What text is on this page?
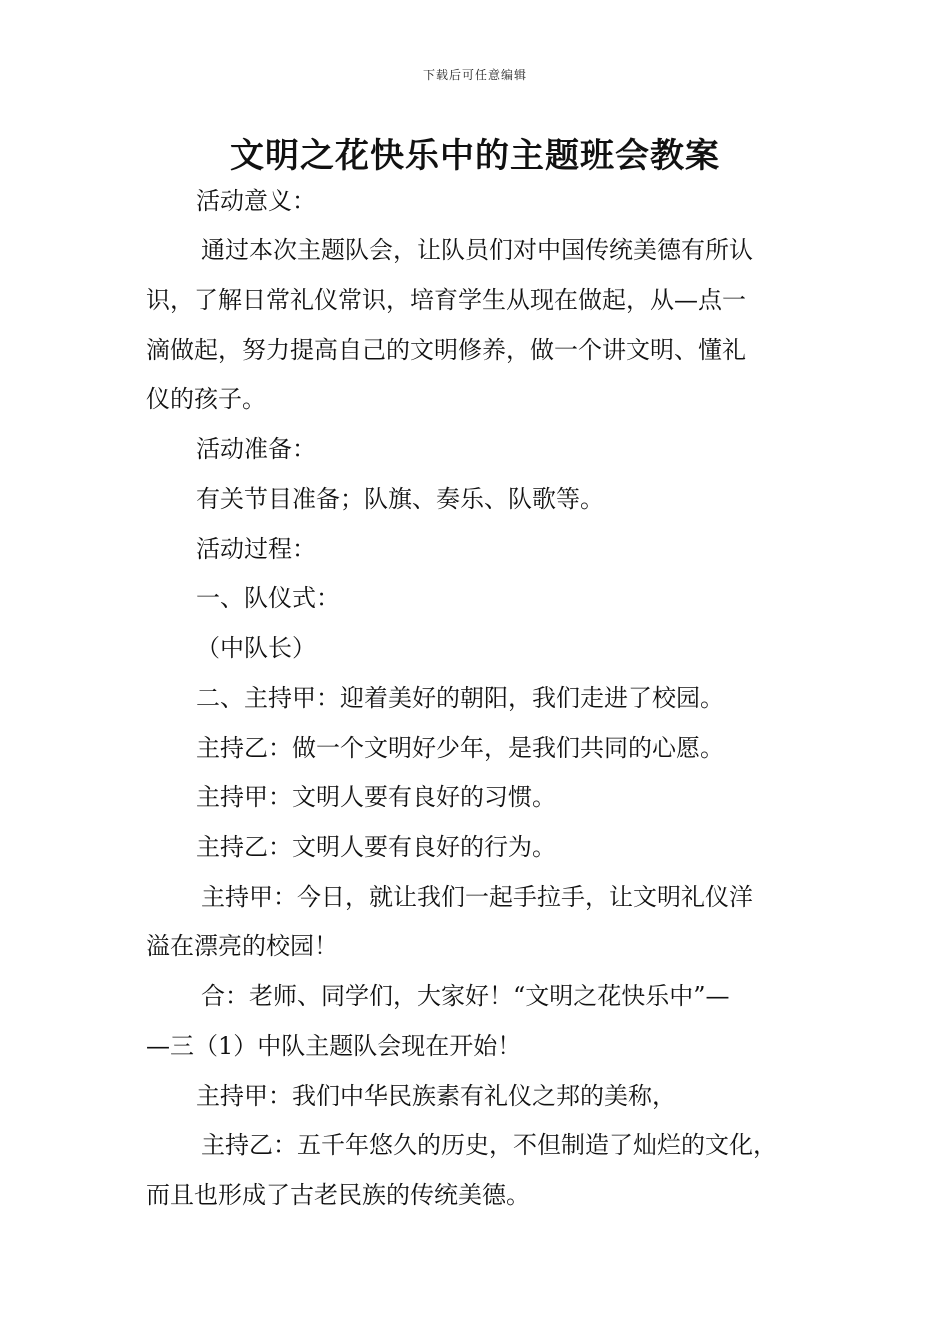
下载后可任意编辑
文明之花快乐中的主题班会教案
活动意义：
通过本次主题队会，让队员们对中国传统美德有所认
识，了解日常礼仪常识，培育学生从现在做起，从—点一
滴做起，努力提高自己的文明修养，做一个讲文明、懂礼
仪的孩子。
活动准备：
有关节目准备；队旗、奏乐、队歌等。
活动过程：
一、队仪式：
（中队长）
二、主持甲：迎着美好的朝阳，我们走进了校园。
主持乙：做一个文明好少年，是我们共同的心愿。
主持甲：文明人要有良好的习惯。
主持乙：文明人要有良好的行为。
主持甲：今日，就让我们一起手拉手，让文明礼仪洋
溢在漂亮的校园！
合：老师、同学们，大家好！“文明之花快乐中”—
—三（1）中队主题队会现在开始！
主持甲：我们中华民族素有礼仪之邦的美称，
主持乙：五千年悠久的历史，不但制造了灿烂的文化，
而且也形成了古老民族的传统美德。
